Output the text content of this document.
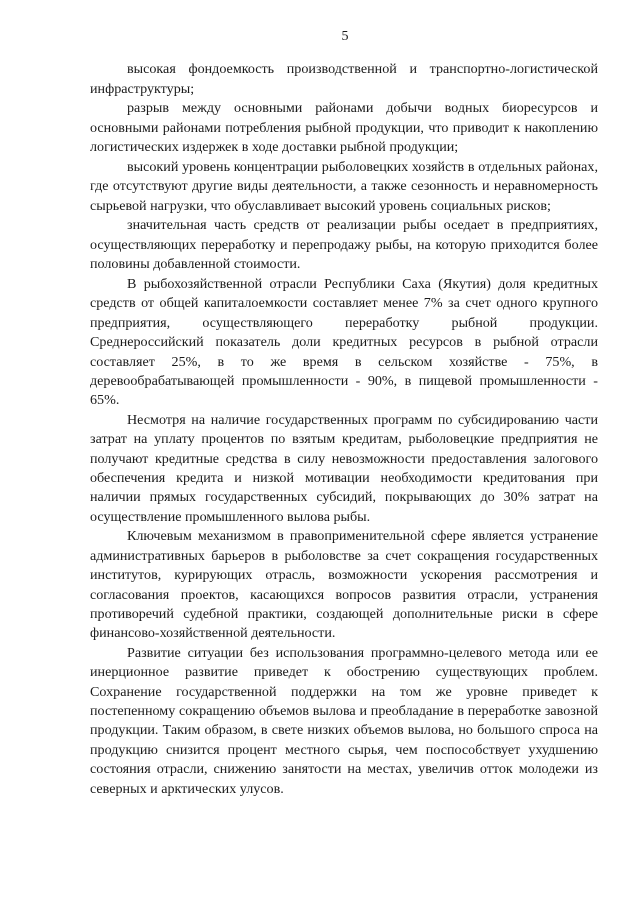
5

высокая фондоемкость производственной и транспортно-логистической инфраструктуры;

разрыв между основными районами добычи водных биоресурсов и основными районами потребления рыбной продукции, что приводит к накоплению логистических издержек в ходе доставки рыбной продукции;

высокий уровень концентрации рыболовецких хозяйств в отдельных районах, где отсутствуют другие виды деятельности, а также сезонность и неравномерность сырьевой нагрузки, что обуславливает высокий уровень социальных рисков;

значительная часть средств от реализации рыбы оседает в предприятиях, осуществляющих переработку и перепродажу рыбы, на которую приходится более половины добавленной стоимости.

В рыбохозяйственной отрасли Республики Саха (Якутия) доля кредитных средств от общей капиталоемкости составляет менее 7% за счет одного крупного предприятия, осуществляющего переработку рыбной продукции. Среднероссийский показатель доли кредитных ресурсов в рыбной отрасли составляет 25%, в то же время в сельском хозяйстве - 75%, в деревообрабатывающей промышленности - 90%, в пищевой промышленности - 65%.

Несмотря на наличие государственных программ по субсидированию части затрат на уплату процентов по взятым кредитам, рыболовецкие предприятия не получают кредитные средства в силу невозможности предоставления залогового обеспечения кредита и низкой мотивации необходимости кредитования при наличии прямых государственных субсидий, покрывающих до 30% затрат на осуществление промышленного вылова рыбы.

Ключевым механизмом в правоприменительной сфере является устранение административных барьеров в рыболовстве за счет сокращения государственных институтов, курирующих отрасль, возможности ускорения рассмотрения и согласования проектов, касающихся вопросов развития отрасли, устранения противоречий судебной практики, создающей дополнительные риски в сфере финансово-хозяйственной деятельности.

Развитие ситуации без использования программно-целевого метода или ее инерционное развитие приведет к обострению существующих проблем. Сохранение государственной поддержки на том же уровне приведет к постепенному сокращению объемов вылова и преобладание в переработке завозной продукции. Таким образом, в свете низких объемов вылова, но большого спроса на продукцию снизится процент местного сырья, чем поспособствует ухудшению состояния отрасли, снижению занятости на местах, увеличив отток молодежи из северных и арктических улусов.
